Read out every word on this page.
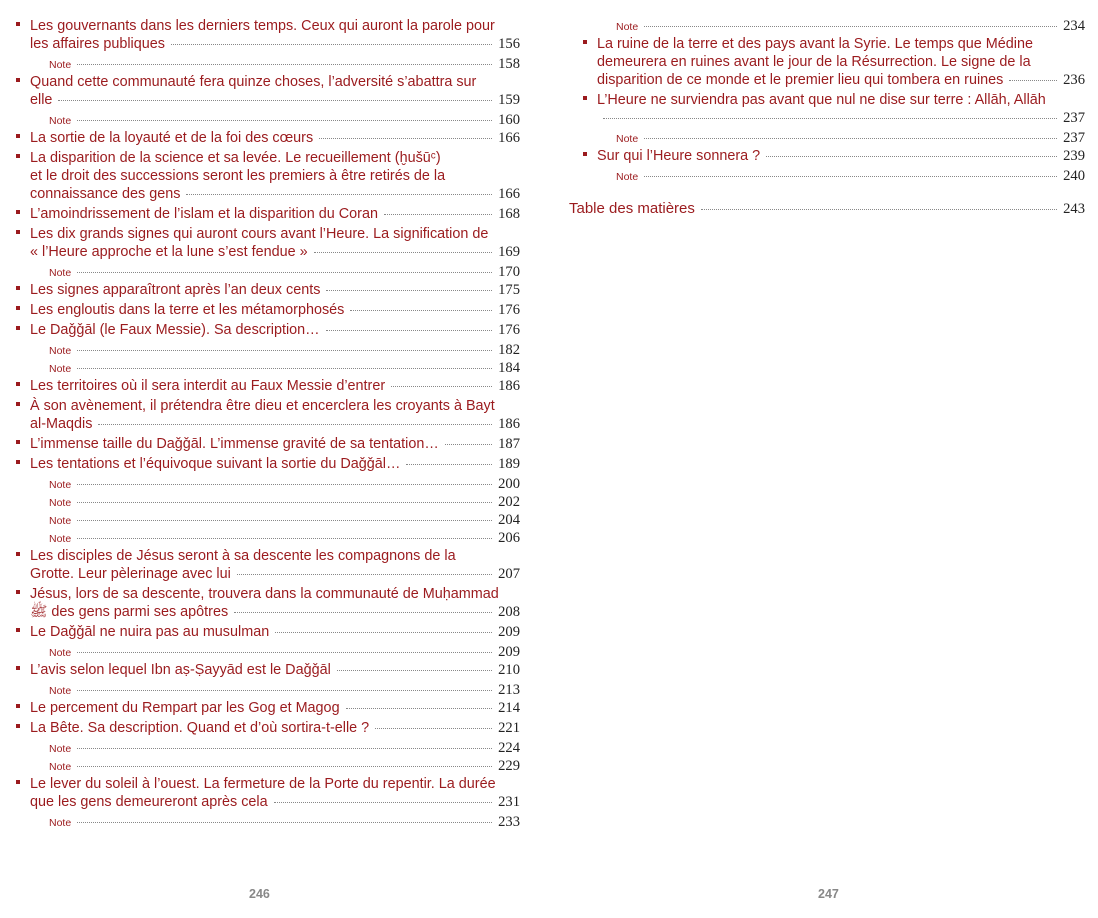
Les gouvernants dans les derniers temps. Ceux qui auront la parole pour
les affaires publiques	156
Note	158
Quand cette communauté fera quinze choses, l’adversité s’abattra sur
elle	159
Note	160
La sortie de la loyauté et de la foi des cœurs	166
La disparition de la science et sa levée. Le recueillement (ḫušūᶜ)
et le droit des successions seront les premiers à être retirés de la
connaissance des gens	166
L’amoindrissement de l’islam et la disparition du Coran	168
Les dix grands signes qui auront cours avant l’Heure. La signification de
« l’Heure approche et la lune s’est fendue »	169
Note	170
Les signes apparaîtront après l’an deux cents	175
Les engloutis dans la terre et les métamorphosés	176
Le Daǧǧāl (le Faux Messie). Sa description…	176
Note	182
Note	184
Les territoires où il sera interdit au Faux Messie d’entrer	186
À son avènement, il prétendra être dieu et encerclera les croyants à Bayt
al-Maqdis	186
L’immense taille du Daǧǧāl. L’immense gravité de sa tentation…	187
Les tentations et l’équivoque suivant la sortie du Daǧǧāl…	189
Note	200
Note	202
Note	204
Note	206
Les disciples de Jésus seront à sa descente les compagnons de la
Grotte. Leur pèlerinage avec lui	207
Jésus, lors de sa descente, trouvera dans la communauté de Muḥammad
ﷺ des gens parmi ses apôtres	208
Le Daǧǧāl ne nuira pas au musulman	209
Note	209
L’avis selon lequel Ibn aṣ-Ṣayyād est le Daǧǧāl	210
Note	213
Le percement du Rempart par les Gog et Magog	214
La Bête. Sa description. Quand et d’où sortira-t-elle ?	221
Note	224
Note	229
Le lever du soleil à l’ouest. La fermeture de la Porte du repentir. La durée
que les gens demeureront après cela	231
Note	233
Note	234
La ruine de la terre et des pays avant la Syrie. Le temps que Médine
demeurera en ruines avant le jour de la Résurrection. Le signe de la
disparition de ce monde et le premier lieu qui tombera en ruines	236
L’Heure ne surviendra pas avant que nul ne dise sur terre : Allāh, Allāh
237
Note	237
Sur qui l’Heure sonnera ?	239
Note	240
Table des matières	243
246	247
